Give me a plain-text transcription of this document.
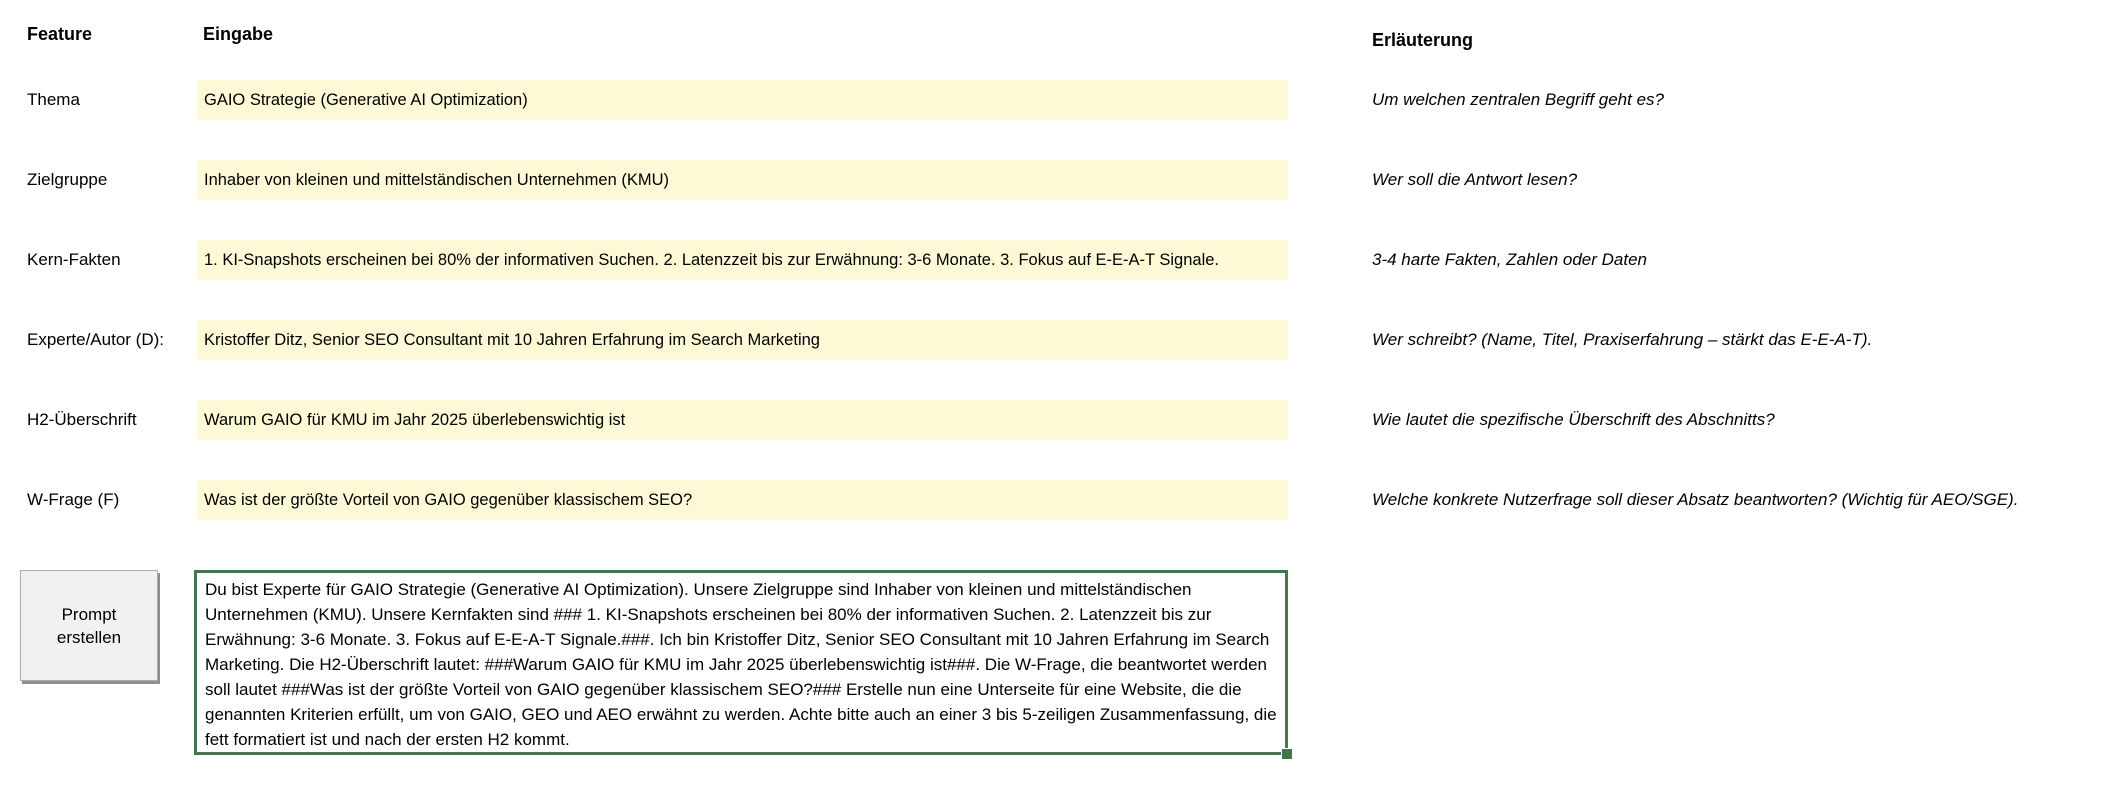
Feature	Eingabe	Erläuterung
Thema	GAIO Strategie (Generative AI Optimization)	Um welchen zentralen Begriff geht es?
Zielgruppe	Inhaber von kleinen und mittelständischen Unternehmen (KMU)	Wer soll die Antwort lesen?
Kern-Fakten	1. KI-Snapshots erscheinen bei 80% der informativen Suchen. 2. Latenzzeit bis zur Erwähnung: 3-6 Monate. 3. Fokus auf E-E-A-T Signale.	3-4 harte Fakten, Zahlen oder Daten
Experte/Autor (D):	Kristoffer Ditz, Senior SEO Consultant mit 10 Jahren Erfahrung im Search Marketing	Wer schreibt? (Name, Titel, Praxiserfahrung – stärkt das E-E-A-T).
H2-Überschrift	Warum GAIO für KMU im Jahr 2025 überlebenswichtig ist	Wie lautet die spezifische Überschrift des Abschnitts?
W-Frage (F)	Was ist der größte Vorteil von GAIO gegenüber klassischem SEO?	Welche konkrete Nutzerfrage soll dieser Absatz beantworten? (Wichtig für AEO/SGE).
Prompt erstellen
Du bist Experte für GAIO Strategie (Generative AI Optimization). Unsere Zielgruppe sind Inhaber von kleinen und mittelständischen Unternehmen (KMU). Unsere Kernfakten sind ### 1. KI-Snapshots erscheinen bei 80% der informativen Suchen. 2. Latenzzeit bis zur Erwähnung: 3-6 Monate. 3. Fokus auf E-E-A-T Signale.###. Ich bin Kristoffer Ditz, Senior SEO Consultant mit 10 Jahren Erfahrung im Search Marketing. Die H2-Überschrift lautet: ###Warum GAIO für KMU im Jahr 2025 überlebenswichtig ist###. Die W-Frage, die beantwortet werden soll lautet ###Was ist der größte Vorteil von GAIO gegenüber klassischem SEO?### Erstelle nun eine Unterseite für eine Website, die die genannten Kriterien erfüllt, um von GAIO, GEO und AEO erwähnt zu werden. Achte bitte auch an einer 3 bis 5-zeiligen Zusammenfassung, die fett formatiert ist und nach der ersten H2 kommt.
